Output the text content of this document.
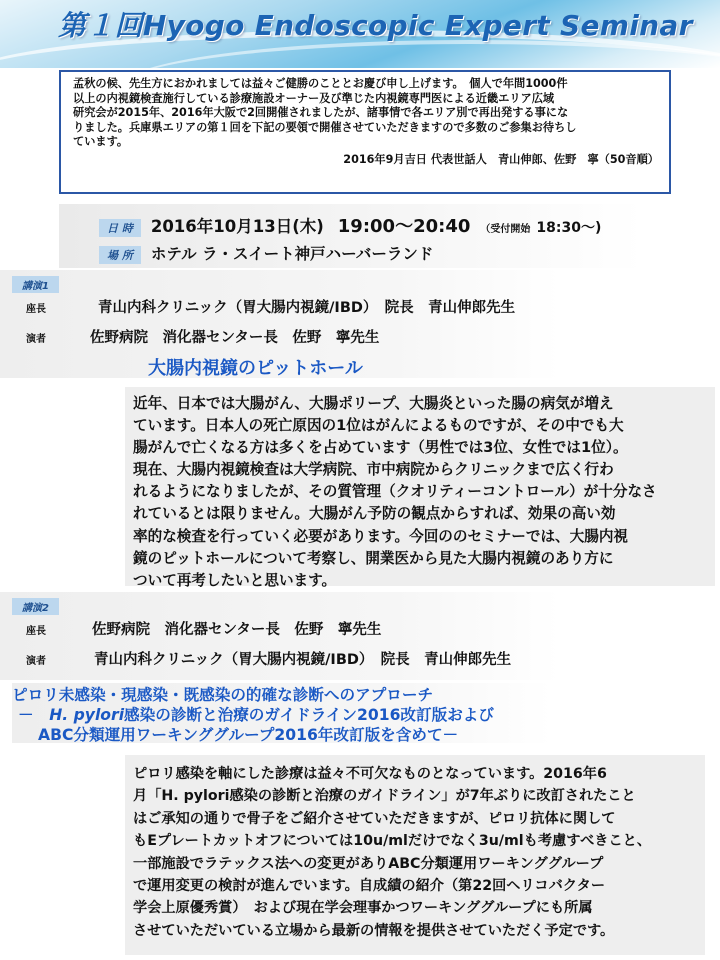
第１回Hyogo Endoscopic Expert Seminar

孟秋の候、先生方におかれましては益々ご健勝のこととお慶び申し上げます。　個人で年間1000件

以上の内視鏡検査施行している診療施設オーナー及び準じた内視鏡専門医による近畿エリア広域

研究会が2015年、2016年大阪で2回開催されましたが、諸事情で各エリア別で再出発する事にな

りました。兵庫県エリアの第１回を下記の要領で開催させていただきますので多数のご参集お待ちし

ています。

2016年9月吉日 代表世話人　青山伸郎、佐野　寧（50音順）

日 時 2016年10月13日(木) 19:00～20:40 （受付開始 18:30～)
場 所 ホテル ラ・スイート神戸ハーバーランド
講演1
座長	青山内科クリニック（胃大腸内視鏡/IBD）　院長　青山伸郎先生
演者	佐野病院　消化器センター長　佐野　寧先生
大腸内視鏡のピットホール

近年、日本では大腸がん、大腸ポリープ、大腸炎といった腸の病気が増え

ています。日本人の死亡原因の1位はがんによるものですが、その中でも大

腸がんで亡くなる方は多くを占めています（男性では3位、女性では1位）。

現在、大腸内視鏡検査は大学病院、市中病院からクリニックまで広く行わ

れるようになりましたが、その質管理（クオリティーコントロール）が十分なさ

れているとは限りません。大腸がん予防の観点からすれば、効果の高い効

率的な検査を行っていく必要があります。今回ののセミナーでは、大腸内視

鏡のピットホールについて考察し、開業医から見た大腸内視鏡のあり方に

ついて再考したいと思います。

講演2
座長	佐野病院　消化器センター長　佐野　寧先生
演者	青山内科クリニック（胃大腸内視鏡/IBD）　院長　青山伸郎先生
ピロリ未感染・現感染・既感染の的確な診断へのアプローチ
－　 H. pylori感染の診断と治療のガイドライン2016改訂版および
ABC分類運用ワーキンググループ2016年改訂版を含めて－

ピロリ感染を軸にした診療は益々不可欠なものとなっています。2016年6

月「H. pylori感染の診断と治療のガイドライン」が7年ぶりに改訂されたこと

はご承知の通りで骨子をご紹介させていただきますが、ピロリ抗体に関して

もEプレートカットオフについては10u/mlだけでなく3u/mlも考慮すべきこと、

一部施設でラテックス法への変更がありABC分類運用ワーキンググループ

で運用変更の検討が進んでいます。自成績の紹介（第22回ヘリコバクター

学会上原優秀賞）　および現在学会理事かつワーキンググループにも所属

させていただいている立場から最新の情報を提供させていただく予定です。
